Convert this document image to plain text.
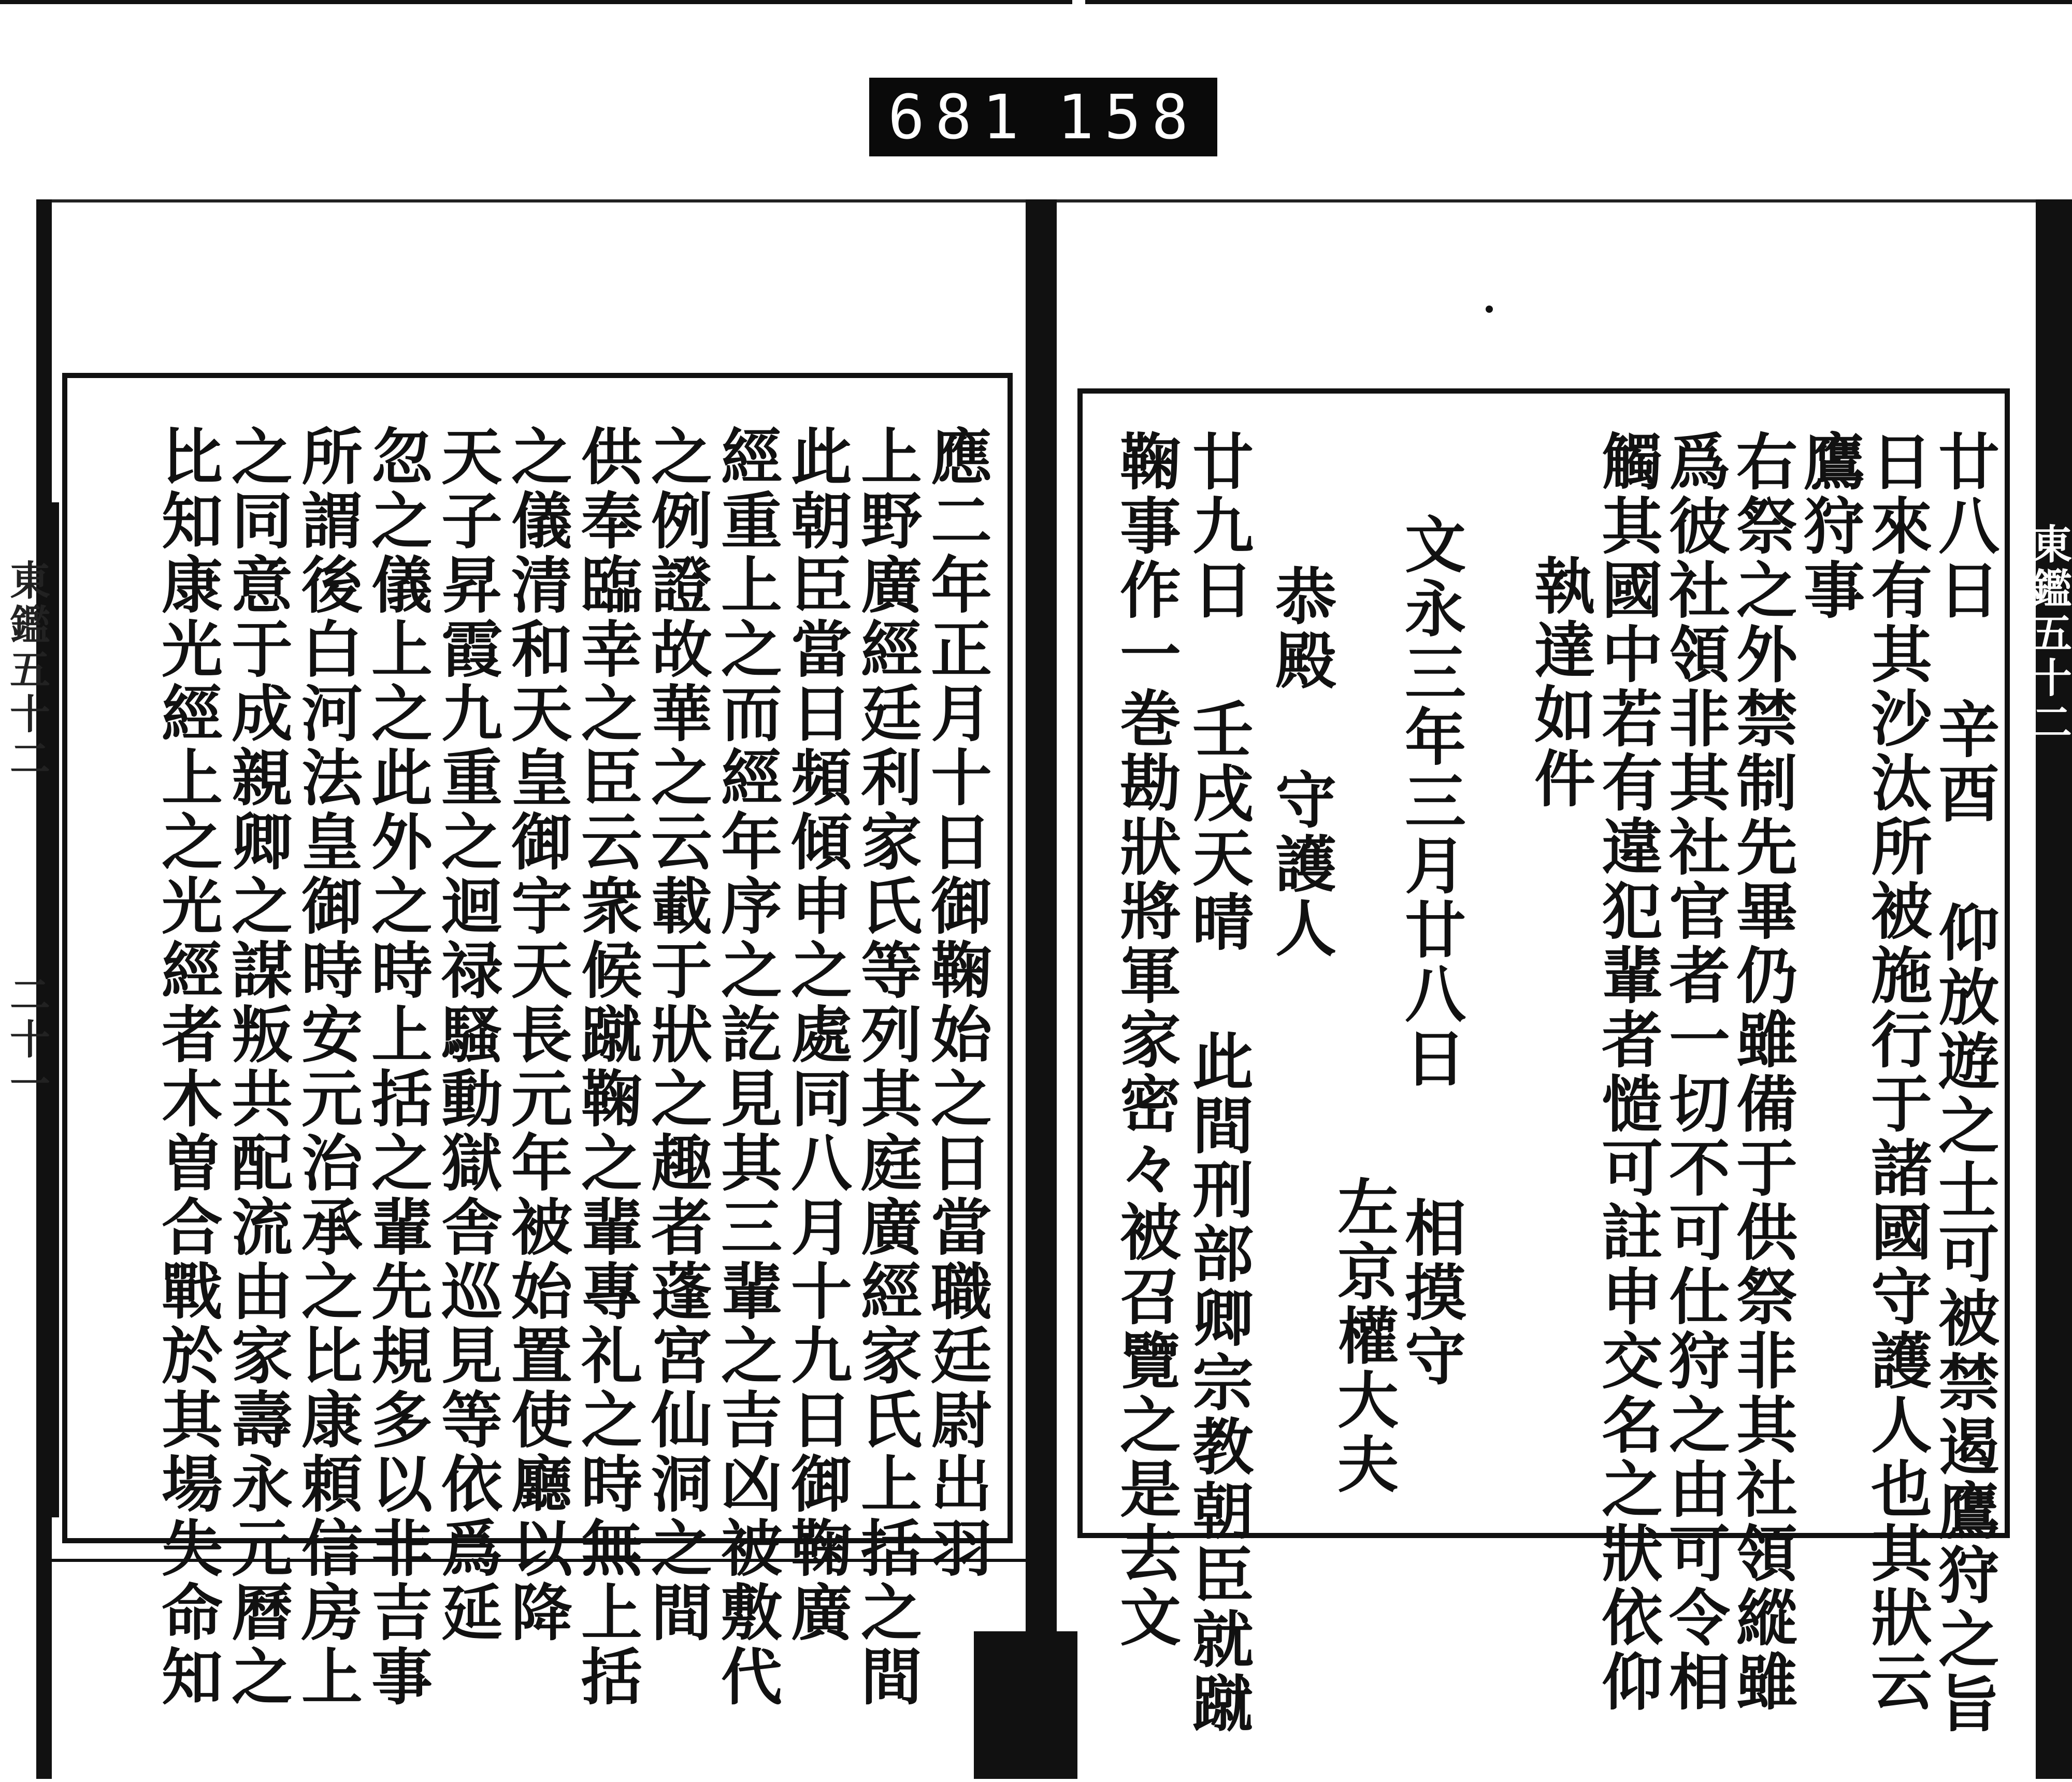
681 158
應二年正月十日御鞠始之日當職廷尉出羽
上野廣經廷利家氏等列其庭廣經家氏上括之間
此朝臣當日頻傾申之處同八月十九日御鞠廣
經重上之而經年序之訖見其三輩之吉凶被敷代
之例證故華之云載于狀之趣者蓬宮仙洞之間
供奉臨幸之臣云衆候蹴鞠之輩專礼之時無上括
之儀清和天皇御宇天長元年被始置使廳以降
天子昇霞九重之迴禄騷動獄舎巡見等依爲延
忽之儀上之此外之時上括之輩先規多以非吉事
所謂後白河法皇御時安元治承之比康頼信房上
之同意于成親卿之謀叛共配流由家壽永元曆之
比知康光經上之光經者木曽合戰於其場失命知
東鑑五十二
二十一	廿八日 辛酉 仰放遊之士可被禁遏鷹狩之旨
日來有其沙汰所被施行于諸國守護人也其狀云
鷹狩事
右祭之外禁制先畢仍雖備于供祭非其社領縱雖
爲彼社領非其社官者一切不可仕狩之由可令相
觸其國中若有違犯輩者慥可註申交名之狀依仰
執達如件
文永三年三月廿八日
相摸守
左京權大夫
恭殿 守護人
廿九日 壬戌天晴 此間刑部卿宗教朝臣就蹴
鞠事作一巻勘狀將軍家密々被召覽之是去文	東鑑五十二
